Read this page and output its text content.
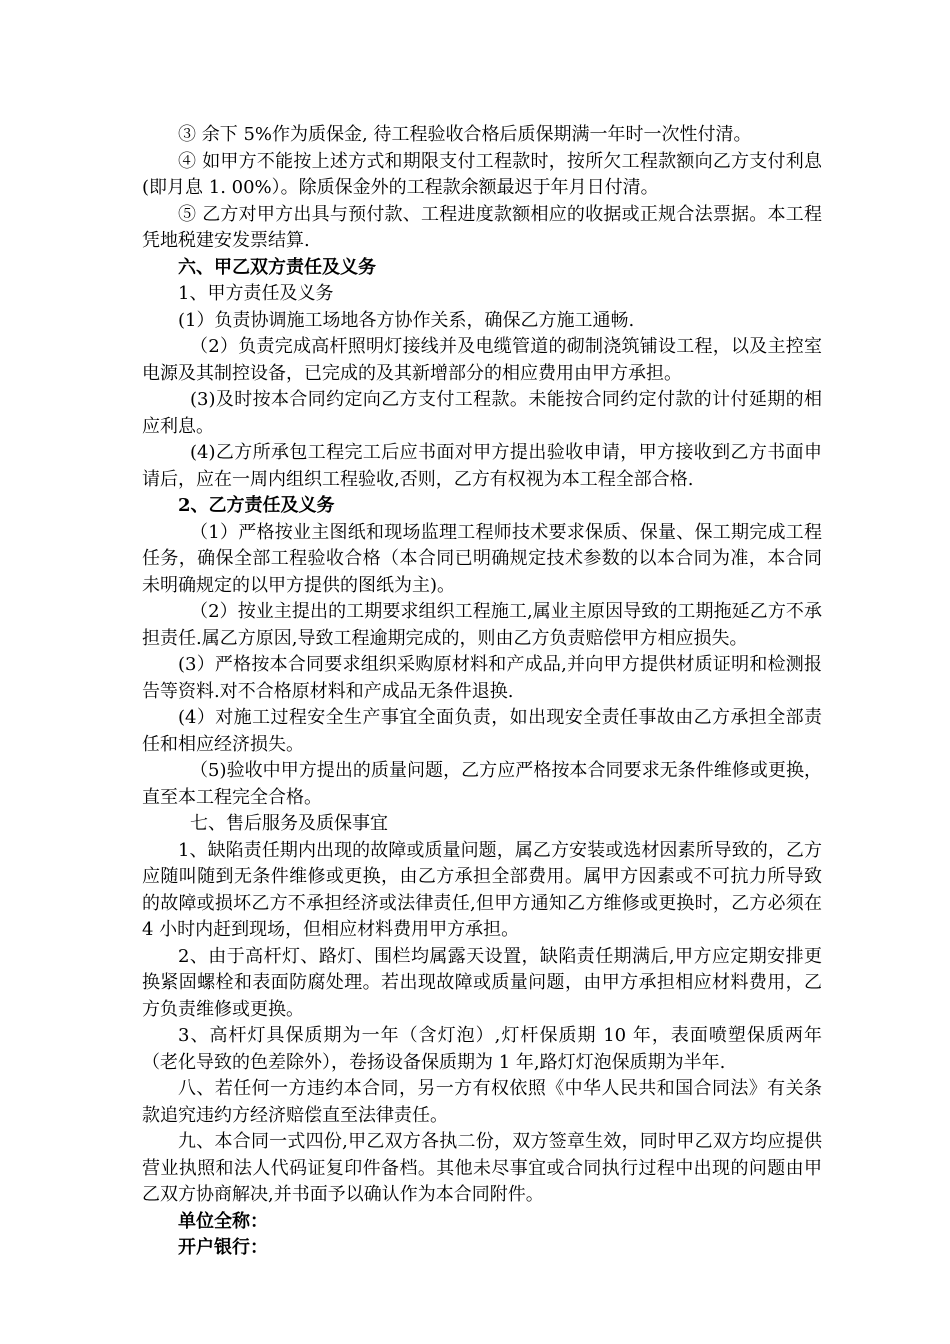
③ 余下 5%作为质保金, 待工程验收合格后质保期满一年时一次性付清。

④ 如甲方不能按上述方式和期限支付工程款时，按所欠工程款额向乙方支付利息(即月息 1. 00%）。除质保金外的工程款余额最迟于年月日付清。

⑤ 乙方对甲方出具与预付款、工程进度款额相应的收据或正规合法票据。本工程凭地税建安发票结算.

六、甲乙双方责任及义务

1、甲方责任及义务

(1）负责协调施工场地各方协作关系，确保乙方施工通畅.

（2）负责完成高杆照明灯接线并及电缆管道的砌制浇筑铺设工程，以及主控室电源及其制控设备，已完成的及其新增部分的相应费用由甲方承担。

(3)及时按本合同约定向乙方支付工程款。未能按合同约定付款的计付延期的相应利息。

(4)乙方所承包工程完工后应书面对甲方提出验收申请，甲方接收到乙方书面申请后，应在一周内组织工程验收,否则，乙方有权视为本工程全部合格.

2、乙方责任及义务

（1）严格按业主图纸和现场监理工程师技术要求保质、保量、保工期完成工程任务，确保全部工程验收合格（本合同已明确规定技术参数的以本合同为准，本合同未明确规定的以甲方提供的图纸为主)。

（2）按业主提出的工期要求组织工程施工,属业主原因导致的工期拖延乙方不承担责任.属乙方原因,导致工程逾期完成的，则由乙方负责赔偿甲方相应损失。

(3）严格按本合同要求组织采购原材料和产成品,并向甲方提供材质证明和检测报告等资料.对不合格原材料和产成品无条件退换.

(4）对施工过程安全生产事宜全面负责，如出现安全责任事故由乙方承担全部责任和相应经济损失。

（5)验收中甲方提出的质量问题，乙方应严格按本合同要求无条件维修或更换，直至本工程完全合格。

七、售后服务及质保事宜

1、缺陷责任期内出现的故障或质量问题，属乙方安装或选材因素所导致的，乙方应随叫随到无条件维修或更换，由乙方承担全部费用。属甲方因素或不可抗力所导致的故障或损坏乙方不承担经济或法律责任,但甲方通知乙方维修或更换时，乙方必须在 4 小时内赶到现场，但相应材料费用甲方承担。

2、由于高杆灯、路灯、围栏均属露天设置，缺陷责任期满后,甲方应定期安排更换紧固螺栓和表面防腐处理。若出现故障或质量问题，由甲方承担相应材料费用，乙方负责维修或更换。

3、高杆灯具保质期为一年（含灯泡）,灯杆保质期 10 年，表面喷塑保质两年（老化导致的色差除外），卷扬设备保质期为 1 年,路灯灯泡保质期为半年.

八、若任何一方违约本合同，另一方有权依照《中华人民共和国合同法》有关条款追究违约方经济赔偿直至法律责任。

九、本合同一式四份,甲乙双方各执二份，双方签章生效，同时甲乙双方均应提供营业执照和法人代码证复印件备档。其他未尽事宜或合同执行过程中出现的问题由甲乙双方协商解决,并书面予以确认作为本合同附件。

单位全称：

开户银行：
